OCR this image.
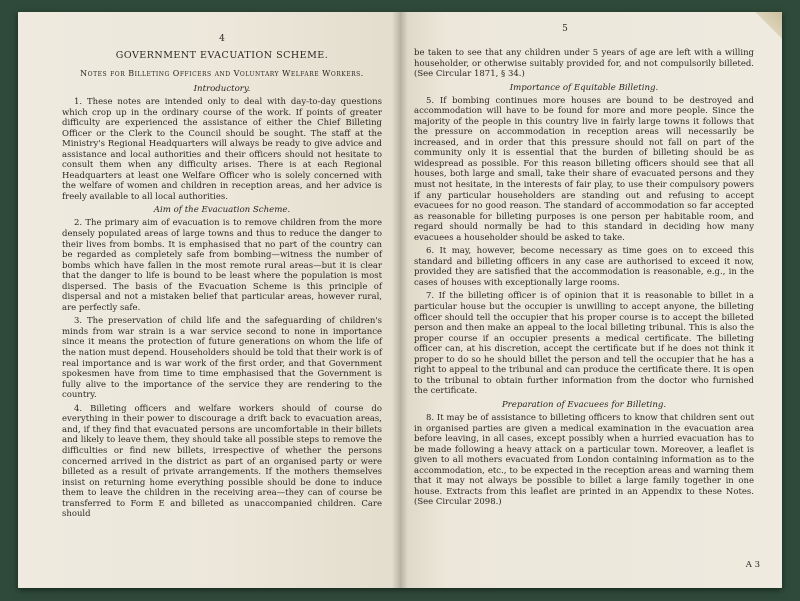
4
GOVERNMENT EVACUATION SCHEME.
Notes for Billeting Officers and Voluntary Welfare Workers.
Introductory.

1. These notes are intended only to deal with day-to-day questions which crop up in the ordinary course of the work. If points of greater difficulty are experienced the assistance of either the Chief Billeting Officer or the Clerk to the Council should be sought. The staff at the Ministry's Regional Headquarters will always be ready to give advice and assistance and local authorities and their officers should not hesitate to consult them when any difficulty arises. There is at each Regional Headquarters at least one Welfare Officer who is solely concerned with the welfare of women and children in reception areas, and her advice is freely available to all local authorities.

Aim of the Evacuation Scheme.

2. The primary aim of evacuation is to remove children from the more densely populated areas of large towns and thus to reduce the danger to their lives from bombs. It is emphasised that no part of the country can be regarded as completely safe from bombing—witness the number of bombs which have fallen in the most remote rural areas—but it is clear that the danger to life is bound to be least where the population is most dispersed. The basis of the Evacuation Scheme is this principle of dispersal and not a mistaken belief that particular areas, however rural, are perfectly safe.

3. The preservation of child life and the safeguarding of children's minds from war strain is a war service second to none in importance since it means the protection of future generations on whom the life of the nation must depend. Householders should be told that their work is of real importance and is war work of the first order, and that Government spokesmen have from time to time emphasised that the Government is fully alive to the importance of the service they are rendering to the country.

4. Billeting officers and welfare workers should of course do everything in their power to discourage a drift back to evacuation areas, and, if they find that evacuated persons are uncomfortable in their billets and likely to leave them, they should take all possible steps to remove the difficulties or find new billets, irrespective of whether the persons concerned arrived in the district as part of an organised party or were billeted as a result of private arrangements. If the mothers themselves insist on returning home everything possible should be done to induce them to leave the children in the receiving area—they can of course be transferred to Form E and billeted as unaccompanied children. Care should

5

be taken to see that any children under 5 years of age are left with a willing householder, or otherwise suitably provided for, and not compulsorily billeted. (See Circular 1871, § 34.)

Importance of Equitable Billeting.

5. If bombing continues more houses are bound to be destroyed and accommodation will have to be found for more and more people. Since the majority of the people in this country live in fairly large towns it follows that the pressure on accommodation in reception areas will necessarily be increased, and in order that this pressure should not fall on part of the community only it is essential that the burden of billeting should be as widespread as possible. For this reason billeting officers should see that all houses, both large and small, take their share of evacuated persons and they must not hesitate, in the interests of fair play, to use their compulsory powers if any particular householders are standing out and refusing to accept evacuees for no good reason. The standard of accommodation so far accepted as reasonable for billeting purposes is one person per habitable room, and regard should normally be had to this standard in deciding how many evacuees a householder should be asked to take.

6. It may, however, become necessary as time goes on to exceed this standard and billeting officers in any case are authorised to exceed it now, provided they are satisfied that the accommodation is reasonable, e.g., in the cases of houses with exceptionally large rooms.

7. If the billeting officer is of opinion that it is reasonable to billet in a particular house but the occupier is unwilling to accept anyone, the billeting officer should tell the occupier that his proper course is to accept the billeted person and then make an appeal to the local billeting tribunal. This is also the proper course if an occupier presents a medical certificate. The billeting officer can, at his discretion, accept the certificate but if he does not think it proper to do so he should billet the person and tell the occupier that he has a right to appeal to the tribunal and can produce the certificate there. It is open to the tribunal to obtain further information from the doctor who furnished the certificate.

Preparation of Evacuees for Billeting.

8. It may be of assistance to billeting officers to know that children sent out in organised parties are given a medical examination in the evacuation area before leaving, in all cases, except possibly when a hurried evacuation has to be made following a heavy attack on a particular town. Moreover, a leaflet is given to all mothers evacuated from London containing information as to the accommodation, etc., to be expected in the reception areas and warning them that it may not always be possible to billet a large family together in one house. Extracts from this leaflet are printed in an Appendix to these Notes. (See Circular 2098.)

A 3
